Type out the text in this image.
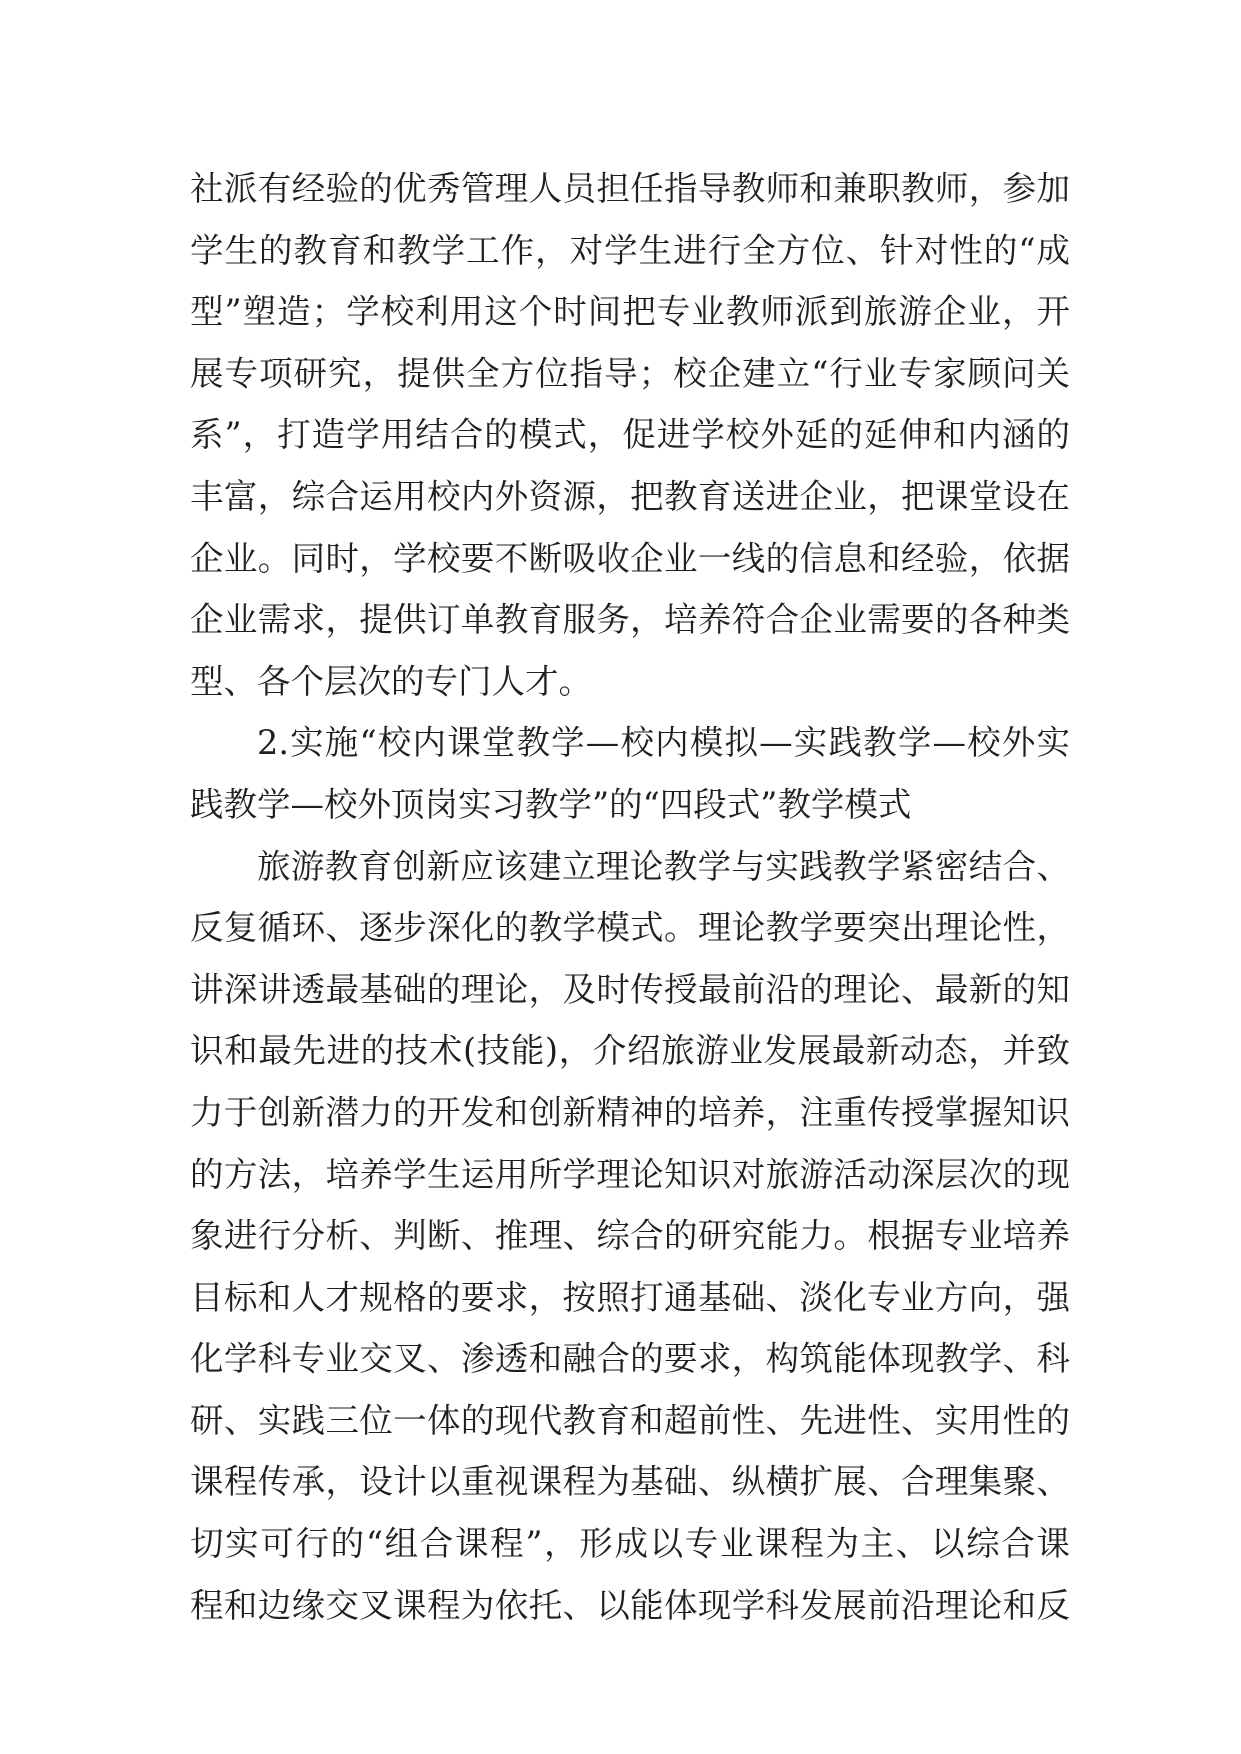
社派有经验的优秀管理人员担任指导教师和兼职教师，参加
学生的教育和教学工作，对学生进行全方位、针对性的“成
型”塑造；学校利用这个时间把专业教师派到旅游企业，开
展专项研究，提供全方位指导；校企建立“行业专家顾问关
系”，打造学用结合的模式，促进学校外延的延伸和内涵的
丰富，综合运用校内外资源，把教育送进企业，把课堂设在
企业。同时，学校要不断吸收企业一线的信息和经验，依据
企业需求，提供订单教育服务，培养符合企业需要的各种类
型、各个层次的专门人才。
2.实施“校内课堂教学—校内模拟—实践教学—校外实
践教学—校外顶岗实习教学”的“四段式”教学模式
旅游教育创新应该建立理论教学与实践教学紧密结合、
反复循环、逐步深化的教学模式。理论教学要突出理论性，
讲深讲透最基础的理论，及时传授最前沿的理论、最新的知
识和最先进的技术(技能)，介绍旅游业发展最新动态，并致
力于创新潜力的开发和创新精神的培养，注重传授掌握知识
的方法，培养学生运用所学理论知识对旅游活动深层次的现
象进行分析、判断、推理、综合的研究能力。根据专业培养
目标和人才规格的要求，按照打通基础、淡化专业方向，强
化学科专业交叉、渗透和融合的要求，构筑能体现教学、科
研、实践三位一体的现代教育和超前性、先进性、实用性的
课程传承，设计以重视课程为基础、纵横扩展、合理集聚、
切实可行的“组合课程”，形成以专业课程为主、以综合课
程和边缘交叉课程为依托、以能体现学科发展前沿理论和反
